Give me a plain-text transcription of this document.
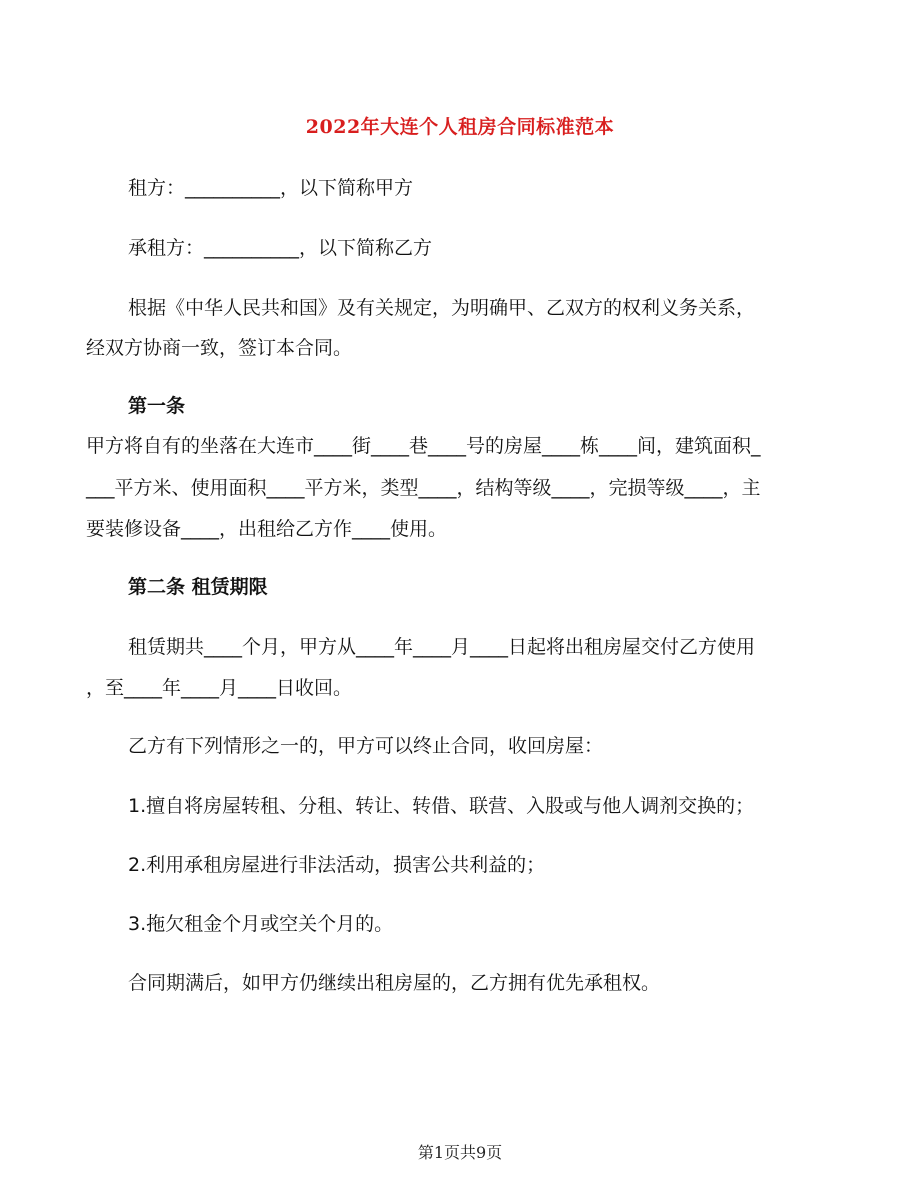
2022年大连个人租房合同标准范本
租方：__________，以下简称甲方
承租方：__________，以下简称乙方
根据《中华人民共和国》及有关规定，为明确甲、乙双方的权利义务关系，
经双方协商一致，签订本合同。
第一条
甲方将自有的坐落在大连市____街____巷____号的房屋____栋____间，建筑面积_
___平方米、使用面积____平方米，类型____，结构等级____，完损等级____，主
要装修设备____，出租给乙方作____使用。
第二条 租赁期限
租赁期共____个月，甲方从____年____月____日起将出租房屋交付乙方使用
，至____年____月____日收回。
乙方有下列情形之一的，甲方可以终止合同，收回房屋：
1.擅自将房屋转租、分租、转让、转借、联营、入股或与他人调剂交换的；
2.利用承租房屋进行非法活动，损害公共利益的；
3.拖欠租金个月或空关个月的。
合同期满后，如甲方仍继续出租房屋的，乙方拥有优先承租权。
第1页共9页
